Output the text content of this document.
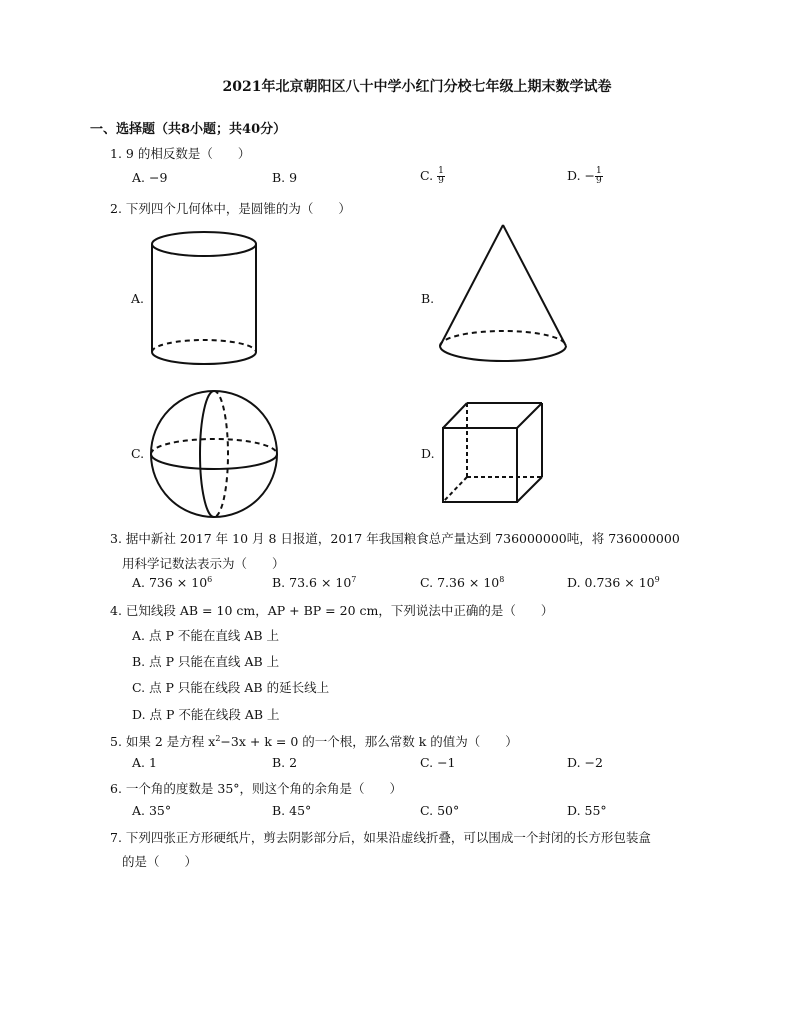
2021年北京朝阳区八十中学小红门分校七年级上期末数学试卷
一、选择题（共8小题；共40分）
1. 9 的相反数是（　　）
A. −9	B. 9	C. $\frac{1}{9}$	D. − $\frac{1}{9}$
2. 下列四个几何体中，是圆锥的为（　　）
A.	B.
C.	D.
3. 据中新社 2017 年 10 月 8 日报道，2017 年我国粮食总产量达到 736000000吨，将 736000000
用科学记数法表示为（　　）
A. $736 \times 10^6$	B. $73.6 \times 10^7$	C. $7.36 \times 10^8$	D. $0.736 \times 10^9$
4. 已知线段 AB = 10 cm，AP + BP = 20 cm，下列说法中正确的是（　　）
A. 点 P 不能在直线 AB 上
B. 点 P 只能在直线 AB 上
C. 点 P 只能在线段 AB 的延长线上
D. 点 P 不能在线段 AB 上
5. 如果 2 是方程 $x^2-3x + k = 0$ 的一个根，那么常数 k 的值为（　　）
A. 1	B. 2	C. −1	D. −2
6. 一个角的度数是 35°，则这个角的余角是（　　）
A. 35°	B. 45°	C. 50°	D. 55°
7. 下列四张正方形硬纸片，剪去阴影部分后，如果沿虚线折叠，可以围成一个封闭的长方形包装盒
的是（　　）
